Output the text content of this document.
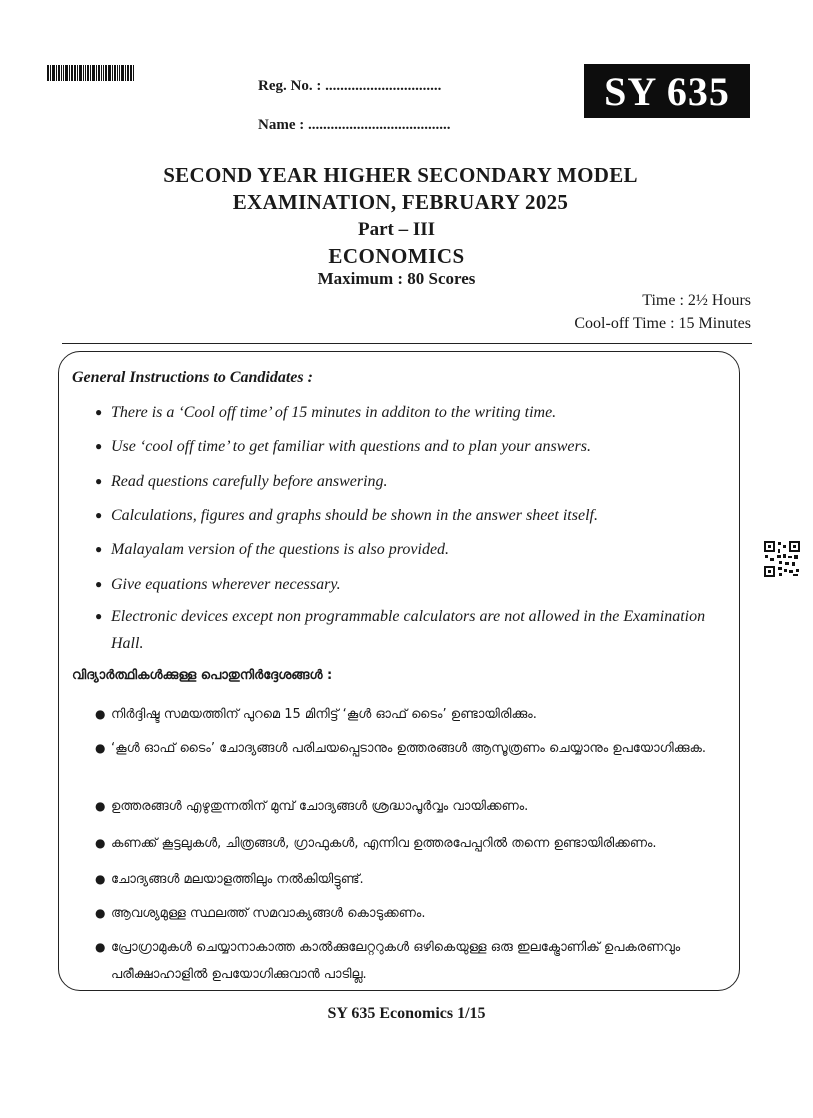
Reg. No. : ...............................
Name : ......................................
SY 635
SECOND YEAR HIGHER SECONDARY MODEL
EXAMINATION, FEBRUARY 2025
Part – III
ECONOMICS
Maximum : 80 Scores
Time : 2½ Hours
Cool-off Time : 15 Minutes
General Instructions to Candidates :
● There is a ‘Cool off time’ of 15 minutes in additon to the writing time.
● Use ‘cool off time’ to get familiar with questions and to plan your answers.
● Read questions carefully before answering.
● Calculations, figures and graphs should be shown in the answer sheet itself.
● Malayalam version of the questions is also provided.
● Give equations wherever necessary.
● Electronic devices except non programmable calculators are not allowed in the Examination Hall.
വിദ്യാർത്ഥികൾക്കുള്ള പൊതുനിർദ്ദേശങ്ങൾ :
● നിർദ്ദിഷ്ട സമയത്തിന് പുറമെ 15 മിനിട്ട് ‘കൂൾ ഓഫ് ടൈം’ ഉണ്ടായിരിക്കും.
● ‘കൂൾ ഓഫ് ടൈം’ ചോദ്യങ്ങൾ പരിചയപ്പെടാനും ഉത്തരങ്ങൾ ആസൂത്രണം ചെയ്യാനും ഉപയോഗിക്കുക.
● ഉത്തരങ്ങൾ എഴുതുന്നതിന് മുമ്പ് ചോദ്യങ്ങൾ ശ്രദ്ധാപൂർവ്വം വായിക്കണം.
● കണക്ക് കൂട്ടലുകൾ, ചിത്രങ്ങൾ, ഗ്രാഫുകൾ, എന്നിവ ഉത്തരപേപ്പറിൽ തന്നെ ഉണ്ടായിരിക്കണം.
● ചോദ്യങ്ങൾ മലയാളത്തിലും നൽകിയിട്ടുണ്ട്.
● ആവശ്യമുള്ള സ്ഥലത്ത് സമവാക്യങ്ങൾ കൊടുക്കണം.
● പ്രോഗ്രാമുകൾ ചെയ്യാനാകാത്ത കാൽക്കുലേറ്ററുകൾ ഒഴികെയുള്ള ഒരു ഇലക്ട്രോണിക് ഉപകരണവും പരീക്ഷാഹാളിൽ ഉപയോഗിക്കുവാൻ പാടില്ല.
SY 635 Economics 1/15
